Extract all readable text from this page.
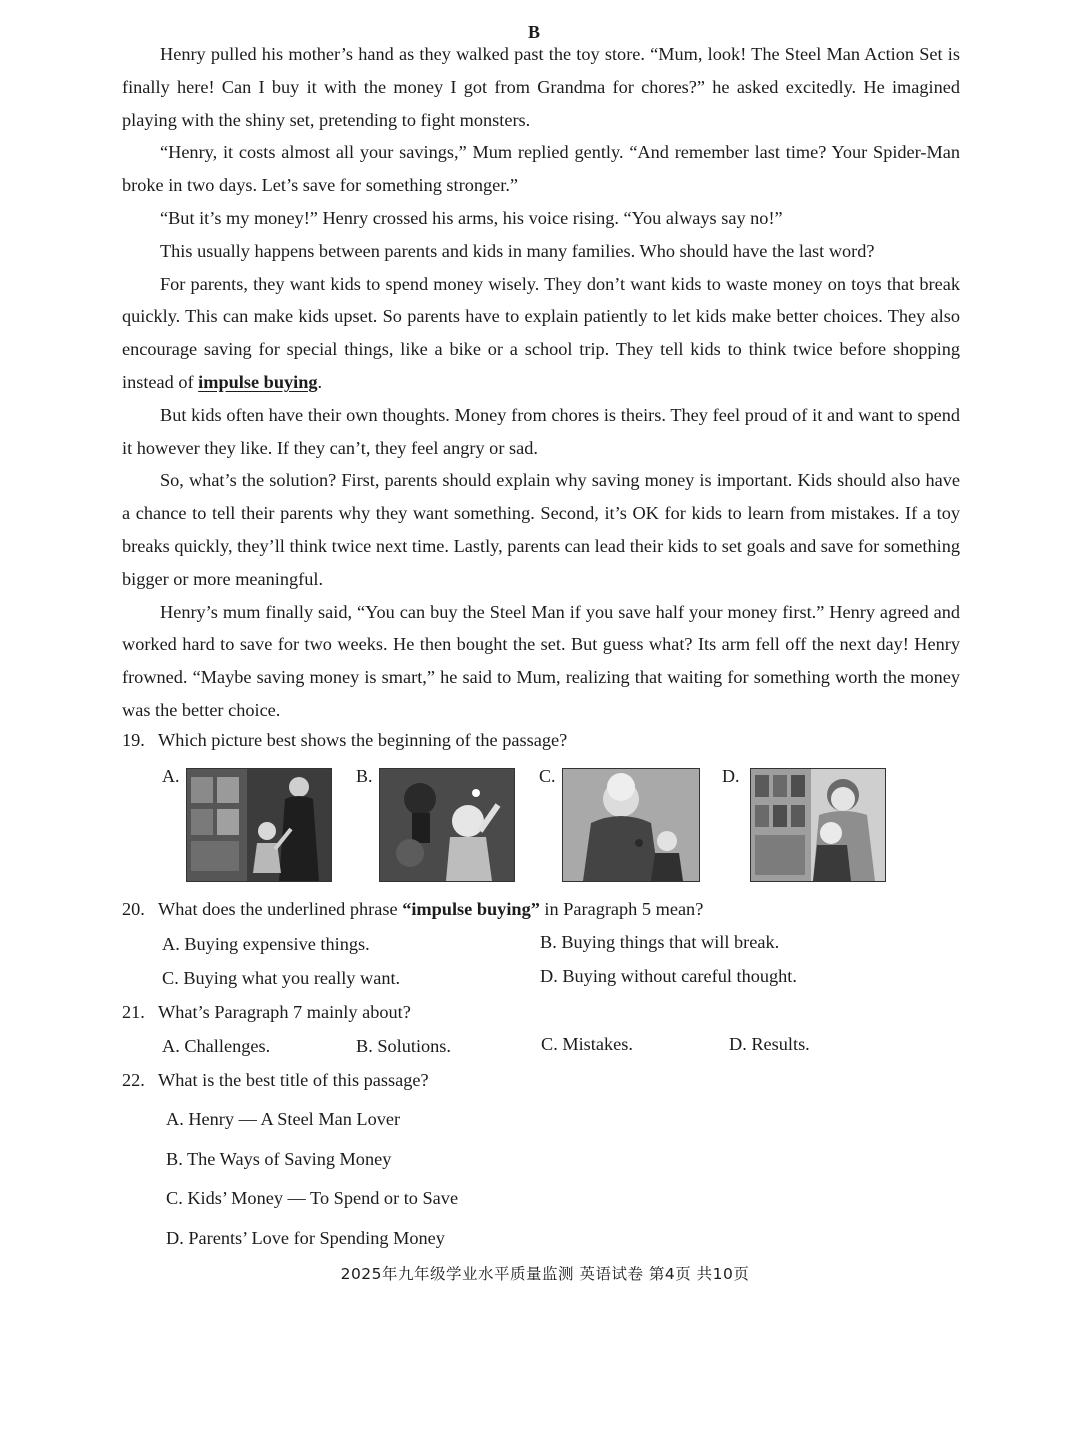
B

Henry pulled his mother’s hand as they walked past the toy store. “Mum, look! The Steel Man Action Set is finally here! Can I buy it with the money I got from Grandma for chores?” he asked excitedly. He imagined playing with the shiny set, pretending to fight monsters.

“Henry, it costs almost all your savings,” Mum replied gently. “And remember last time? Your Spider-Man broke in two days. Let’s save for something stronger.”

“But it’s my money!” Henry crossed his arms, his voice rising. “You always say no!”

This usually happens between parents and kids in many families. Who should have the last word?

For parents, they want kids to spend money wisely. They don’t want kids to waste money on toys that break quickly. This can make kids upset. So parents have to explain patiently to let kids make better choices. They also encourage saving for special things, like a bike or a school trip. They tell kids to think twice before shopping instead of impulse buying.

But kids often have their own thoughts. Money from chores is theirs. They feel proud of it and want to spend it however they like. If they can’t, they feel angry or sad.

So, what’s the solution? First, parents should explain why saving money is important. Kids should also have a chance to tell their parents why they want something. Second, it’s OK for kids to learn from mistakes. If a toy breaks quickly, they’ll think twice next time. Lastly, parents can lead their kids to set goals and save for something bigger or more meaningful.

Henry’s mum finally said, “You can buy the Steel Man if you save half your money first.” Henry agreed and worked hard to save for two weeks. He then bought the set. But guess what? Its arm fell off the next day! Henry frowned. “Maybe saving money is smart,” he said to Mum, realizing that waiting for something worth the money was the better choice.

19. Which picture best shows the beginning of the passage?
A.	B.	C.	D.
20. What does the underlined phrase “impulse buying” in Paragraph 5 mean?
A. Buying expensive things.	B. Buying things that will break.
C. Buying what you really want.	D. Buying without careful thought.
21. What’s Paragraph 7 mainly about?
A. Challenges.	B. Solutions.	C. Mistakes.	D. Results.
22. What is the best title of this passage?
A. Henry — A Steel Man Lover
B. The Ways of Saving Money
C. Kids’ Money — To Spend or to Save
D. Parents’ Love for Spending Money
2025年九年级学业水平质量监测 英语试卷 第4页 共10页
